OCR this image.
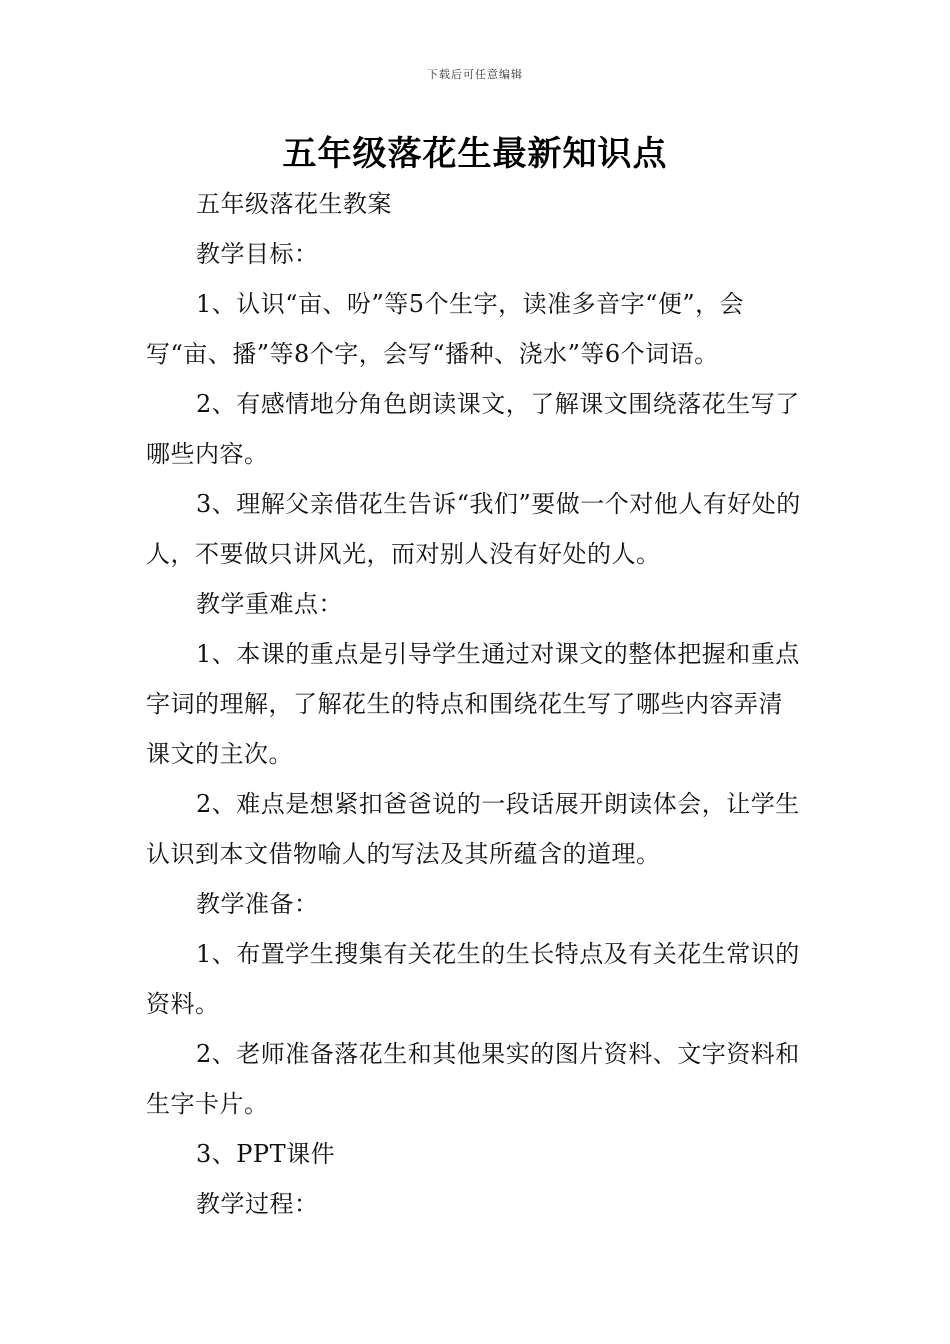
下载后可任意编辑
五年级落花生最新知识点

五年级落花生教案

教学目标：

1、认识“亩、吩”等5个生字，读准多音字“便”，会写“亩、播”等8个字，会写“播种、浇水”等6个词语。

2、有感情地分角色朗读课文，了解课文围绕落花生写了哪些内容。

3、理解父亲借花生告诉“我们”要做一个对他人有好处的人，不要做只讲风光，而对别人没有好处的人。

教学重难点：

1、本课的重点是引导学生通过对课文的整体把握和重点字词的理解，了解花生的特点和围绕花生写了哪些内容弄清课文的主次。

2、难点是想紧扣爸爸说的一段话展开朗读体会，让学生认识到本文借物喻人的写法及其所蕴含的道理。

教学准备：

1、布置学生搜集有关花生的生长特点及有关花生常识的资料。

2、老师准备落花生和其他果实的图片资料、文字资料和生字卡片。

3、PPT课件

教学过程：
